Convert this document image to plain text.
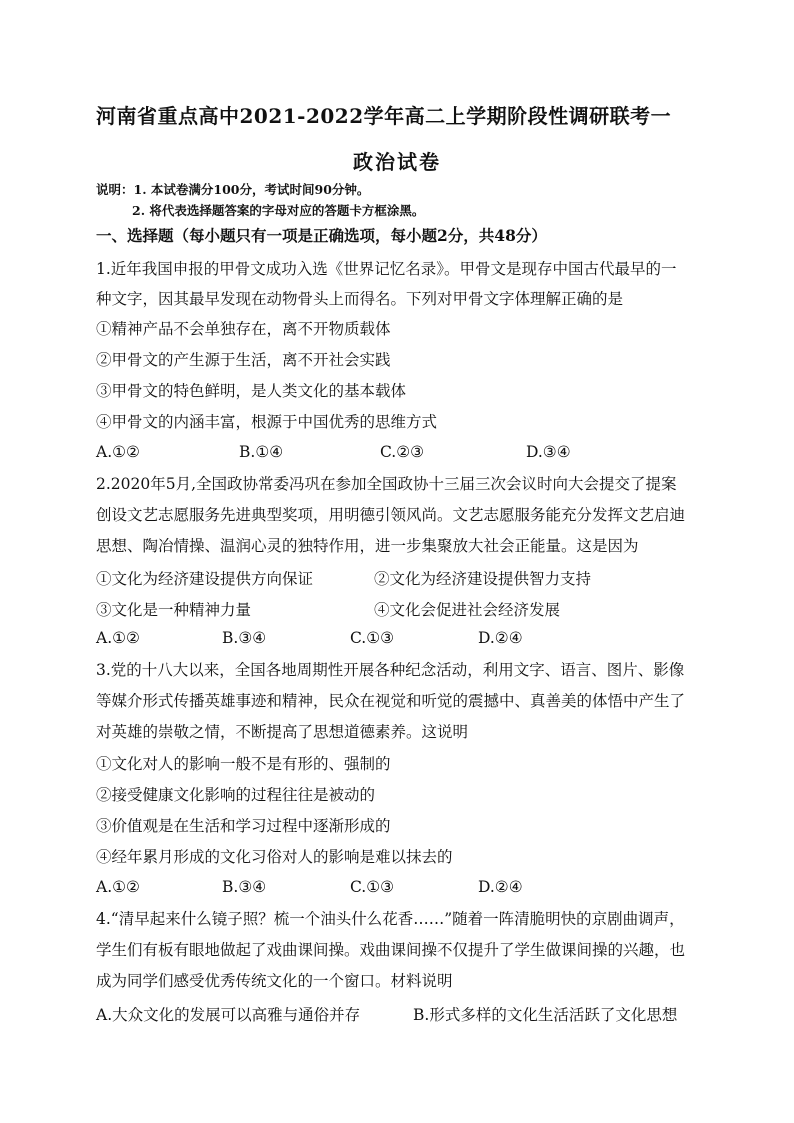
河南省重点高中2021-2022学年高二上学期阶段性调研联考一
政治试卷
说明：1. 本试卷满分100分，考试时间90分钟。
2. 将代表选择题答案的字母对应的答题卡方框涂黑。
一、选择题（每小题只有一项是正确选项，每小题2分，共48分）
1.近年我国申报的甲骨文成功入选《世界记忆名录》。甲骨文是现存中国古代最早的一
种文字，因其最早发现在动物骨头上而得名。下列对甲骨文字体理解正确的是
①精神产品不会单独存在，离不开物质载体
②甲骨文的产生源于生活，离不开社会实践
③甲骨文的特色鲜明，是人类文化的基本载体
④甲骨文的内涵丰富，根源于中国优秀的思维方式
A.①②	B.①④	C.②③	D.③④
2.2020年5月,全国政协常委冯巩在参加全国政协十三届三次会议时向大会提交了提案
创设文艺志愿服务先进典型奖项，用明德引领风尚。文艺志愿服务能充分发挥文艺启迪
思想、陶冶情操、温润心灵的独特作用，进一步集聚放大社会正能量。这是因为
①文化为经济建设提供方向保证	②文化为经济建设提供智力支持
③文化是一种精神力量	④文化会促进社会经济发展
A.①②	B.③④	C.①③	D.②④
3.党的十八大以来，全国各地周期性开展各种纪念活动，利用文字、语言、图片、影像
等媒介形式传播英雄事迹和精神，民众在视觉和听觉的震撼中、真善美的体悟中产生了
对英雄的崇敬之情，不断提高了思想道德素养。这说明
①文化对人的影响一般不是有形的、强制的
②接受健康文化影响的过程往往是被动的
③价值观是在生活和学习过程中逐渐形成的
④经年累月形成的文化习俗对人的影响是难以抹去的
A.①②	B.③④	C.①③	D.②④
4.“清早起来什么镜子照？梳一个油头什么花香……”随着一阵清脆明快的京剧曲调声，
学生们有板有眼地做起了戏曲课间操。戏曲课间操不仅提升了学生做课间操的兴趣，也
成为同学们感受优秀传统文化的一个窗口。材料说明
A.大众文化的发展可以高雅与通俗并存	B.形式多样的文化生活活跃了文化思想
